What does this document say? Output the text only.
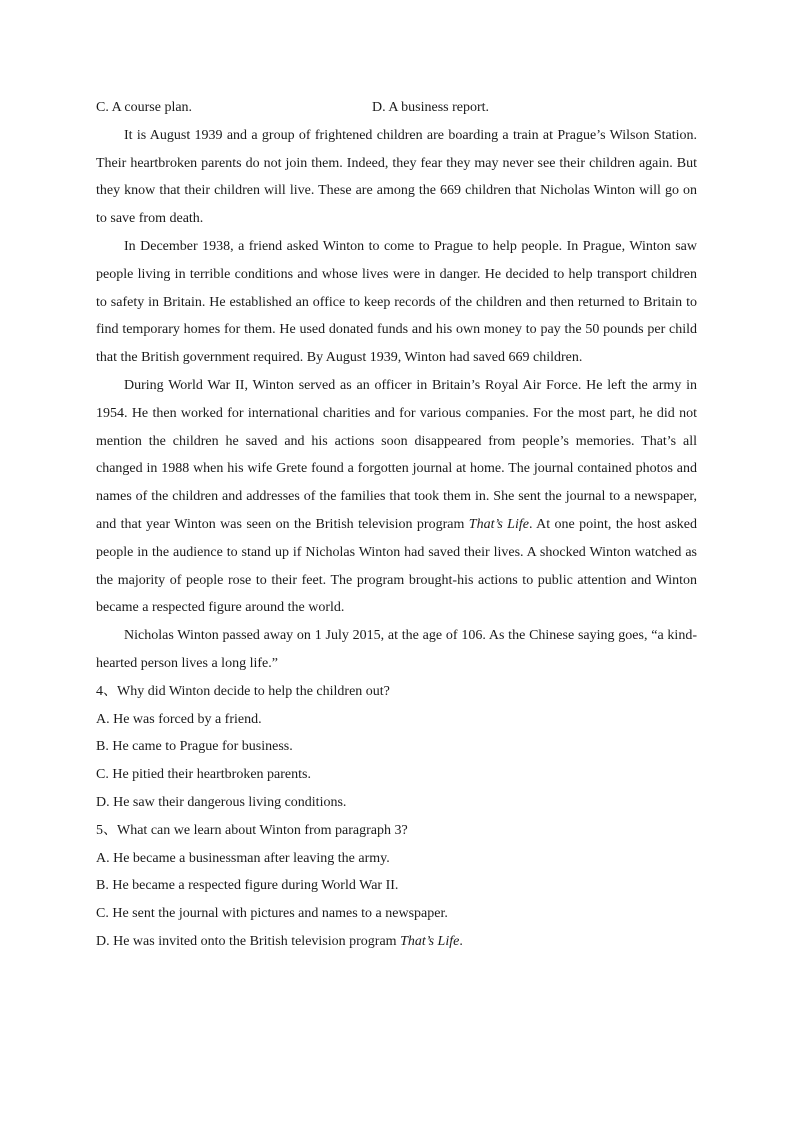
C. A course plan.	D. A business report.

It is August 1939 and a group of frightened children are boarding a train at Prague’s Wilson Station. Their heartbroken parents do not join them. Indeed, they fear they may never see their children again. But they know that their children will live. These are among the 669 children that Nicholas Winton will go on to save from death.

In December 1938, a friend asked Winton to come to Prague to help people. In Prague, Winton saw people living in terrible conditions and whose lives were in danger. He decided to help transport children to safety in Britain. He established an office to keep records of the children and then returned to Britain to find temporary homes for them. He used donated funds and his own money to pay the 50 pounds per child that the British government required. By August 1939, Winton had saved 669 children.

During World War II, Winton served as an officer in Britain’s Royal Air Force. He left the army in 1954. He then worked for international charities and for various companies. For the most part, he did not mention the children he saved and his actions soon disappeared from people’s memories. That’s all changed in 1988 when his wife Grete found a forgotten journal at home. The journal contained photos and names of the children and addresses of the families that took them in. She sent the journal to a newspaper, and that year Winton was seen on the British television program That’s Life. At one point, the host asked people in the audience to stand up if Nicholas Winton had saved their lives. A shocked Winton watched as the majority of people rose to their feet. The program brought-his actions to public attention and Winton became a respected figure around the world.

Nicholas Winton passed away on 1 July 2015, at the age of 106. As the Chinese saying goes, “a kind-hearted person lives a long life.”

4、Why did Winton decide to help the children out?

A. He was forced by a friend.

B. He came to Prague for business.

C. He pitied their heartbroken parents.

D. He saw their dangerous living conditions.

5、What can we learn about Winton from paragraph 3?

A. He became a businessman after leaving the army.

B. He became a respected figure during World War II.

C. He sent the journal with pictures and names to a newspaper.

D. He was invited onto the British television program That’s Life.
